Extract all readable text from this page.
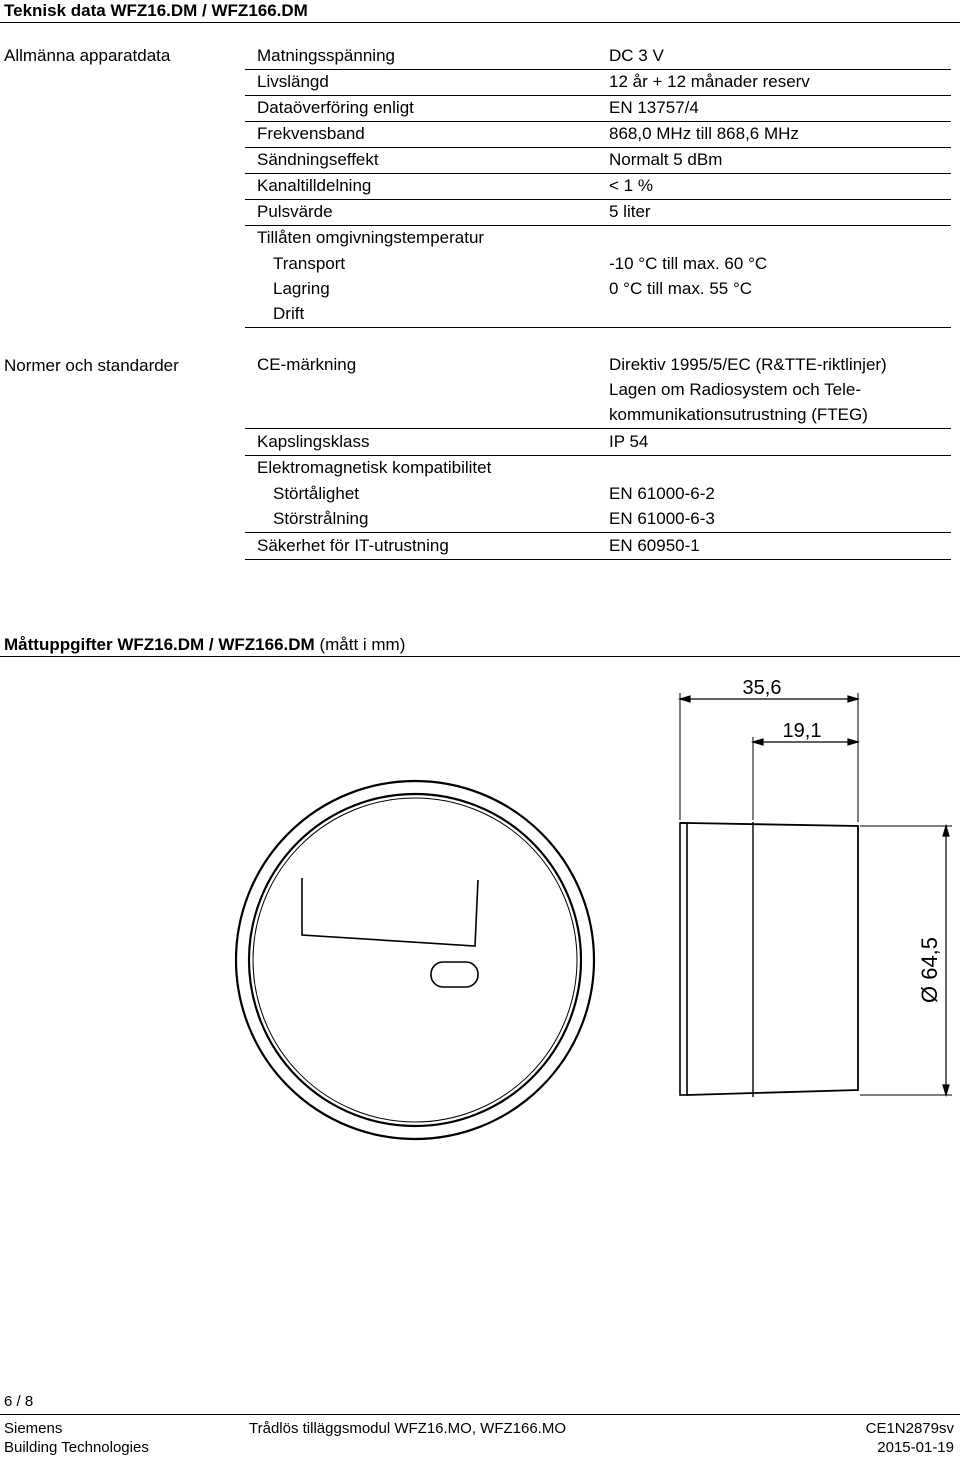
Teknisk data WFZ16.DM / WFZ166.DM
Allmänna apparatdata	Matningsspänning	DC 3 V
Livslängd	12 år + 12 månader reserv
Dataöverföring enligt	EN 13757/4
Frekvensband	868,0 MHz till 868,6 MHz
Sändningseffekt	Normalt 5 dBm
Kanaltilldelning	< 1 %
Pulsvärde	5 liter
Tillåten omgivningstemperatur
Transport	-10 °C till max. 60 °C
Lagring	0 °C till max. 55 °C
Drift
Normer och standarder	CE-märkning	Direktiv 1995/5/EC (R&TTE-riktlinjer)
Lagen om Radiosystem och Tele-
kommunikationsutrustning (FTEG)
Kapslingsklass	IP 54
Elektromagnetisk kompatibilitet
Störtålighet	EN 61000-6-2
Störstrålning	EN 61000-6-3
Säkerhet för IT-utrustning	EN 60950-1
Måttuppgifter WFZ16.DM / WFZ166.DM (mått i mm)
35,6
19,1
Ø 64,5
6 / 8
Siemens
Building Technologies
Trådlös tilläggsmodul WFZ16.MO, WFZ166.MO	CE1N2879sv
2015-01-19
